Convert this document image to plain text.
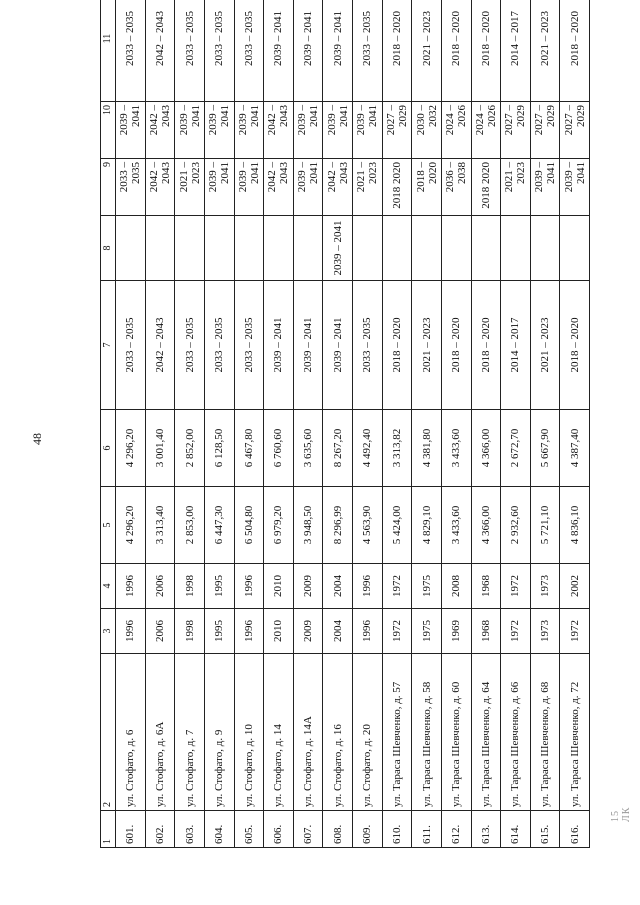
48
15 ЛК
1	2	3	4	5	6	7	8	9	10	11
601.	ул. Стофато, д. 6	1996	1996	4 296,20	4 296,20	2033 – 2035		2033 – 2035	2039 – 2041	2033 – 2035
602.	ул. Стофато, д. 6А	2006	2006	3 313,40	3 001,40	2042 – 2043		2042 – 2043	2042 – 2043	2042 – 2043
603.	ул. Стофато, д. 7	1998	1998	2 853,00	2 852,00	2033 – 2035		2021 – 2023	2039 – 2041	2033 – 2035
604.	ул. Стофато, д. 9	1995	1995	6 447,30	6 128,50	2033 – 2035		2039 – 2041	2039 – 2041	2033 – 2035
605.	ул. Стофато, д. 10	1996	1996	6 504,80	6 467,80	2033 – 2035		2039 – 2041	2039 – 2041	2033 – 2035
606.	ул. Стофато, д. 14	2010	2010	6 979,20	6 760,60	2039 – 2041		2042 – 2043	2042 – 2043	2039 – 2041
607.	ул. Стофато, д. 14А	2009	2009	3 948,50	3 635,60	2039 – 2041		2039 – 2041	2039 – 2041	2039 – 2041
608.	ул. Стофато, д. 16	2004	2004	8 296,99	8 267,20	2039 – 2041	2039 – 2041	2042 – 2043	2039 – 2041	2039 – 2041
609.	ул. Стофато, д. 20	1996	1996	4 563,90	4 492,40	2033 – 2035		2021 – 2023	2039 – 2041	2033 – 2035
610.	ул. Тараса Шевченко, д. 57	1972	1972	5 424,00	3 313,82	2018 – 2020		2018 2020	2027 – 2029	2018 – 2020
611.	ул. Тараса Шевченко, д. 58	1975	1975	4 829,10	4 381,80	2021 – 2023		2018 – 2020	2030 – 2032	2021 – 2023
612.	ул. Тараса Шевченко, д. 60	1969	2008	3 433,60	3 433,60	2018 – 2020		2036 – 2038	2024 – 2026	2018 – 2020
613.	ул. Тараса Шевченко, д. 64	1968	1968	4 366,00	4 366,00	2018 – 2020		2018 2020	2024 – 2026	2018 – 2020
614.	ул. Тараса Шевченко, д. 66	1972	1972	2 932,60	2 672,70	2014 – 2017		2021 – 2023	2027 – 2029	2014 – 2017
615.	ул. Тараса Шевченко, д. 68	1973	1973	5 721,10	5 667,90	2021 – 2023		2039 – 2041	2027 – 2029	2021 – 2023
616.	ул. Тараса Шевченко, д. 72	1972	2002	4 836,10	4 387,40	2018 – 2020		2039 – 2041	2027 – 2029	2018 – 2020
